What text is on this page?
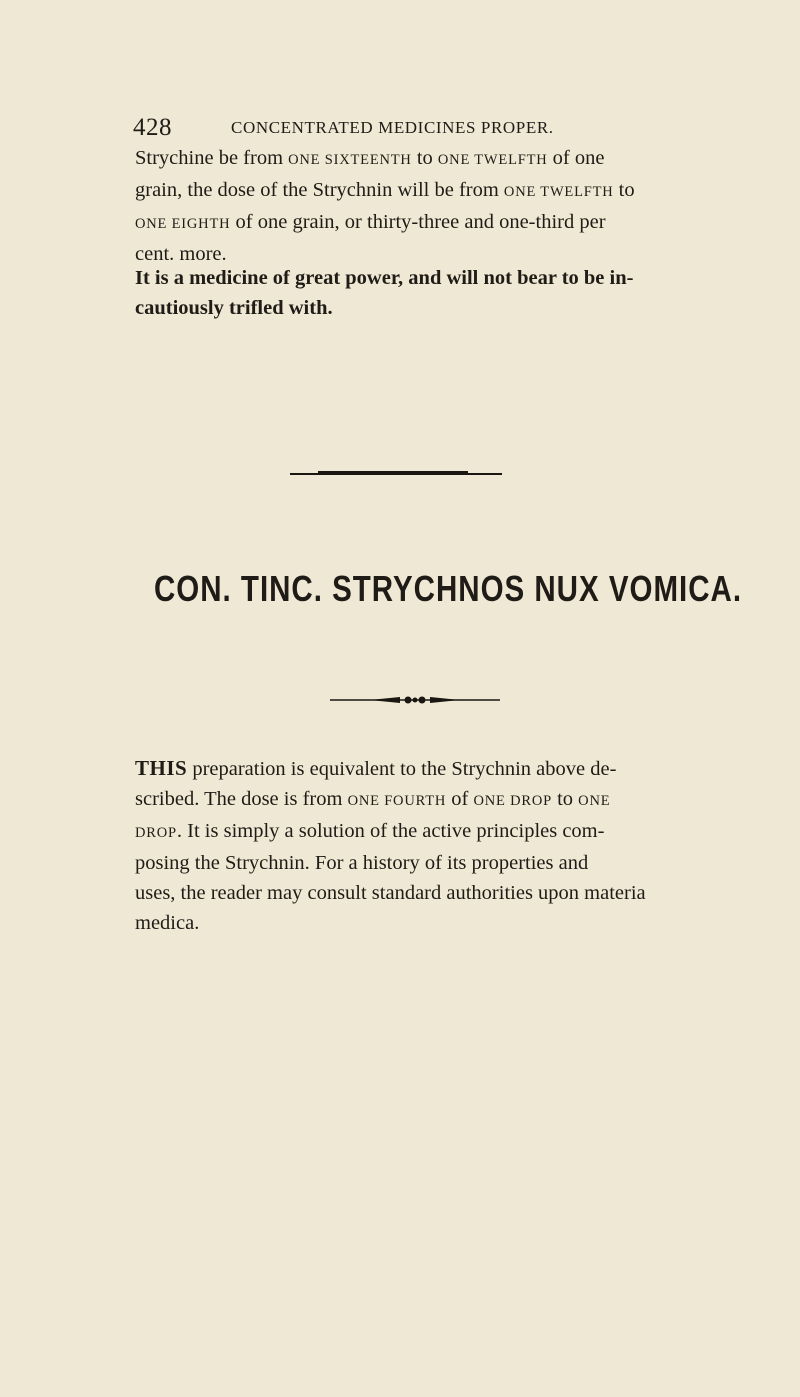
428	CONCENTRATED MEDICINES PROPER.

Strychine be from ONE SIXTEENTH to ONE TWELFTH of one
grain, the dose of the Strychnin will be from ONE TWELFTH to
ONE EIGHTH of one grain, or thirty-three and one-third per
cent. more.

It is a medicine of great power, and will not bear to be in-
cautiously trifled with.

CON. TINC. STRYCHNOS NUX VOMICA.

THIS preparation is equivalent to the Strychnin above de-
scribed. The dose is from ONE FOURTH of ONE DROP to ONE
DROP. It is simply a solution of the active principles com-
posing the Strychnin. For a history of its properties and
uses, the reader may consult standard authorities upon materia
medica.
